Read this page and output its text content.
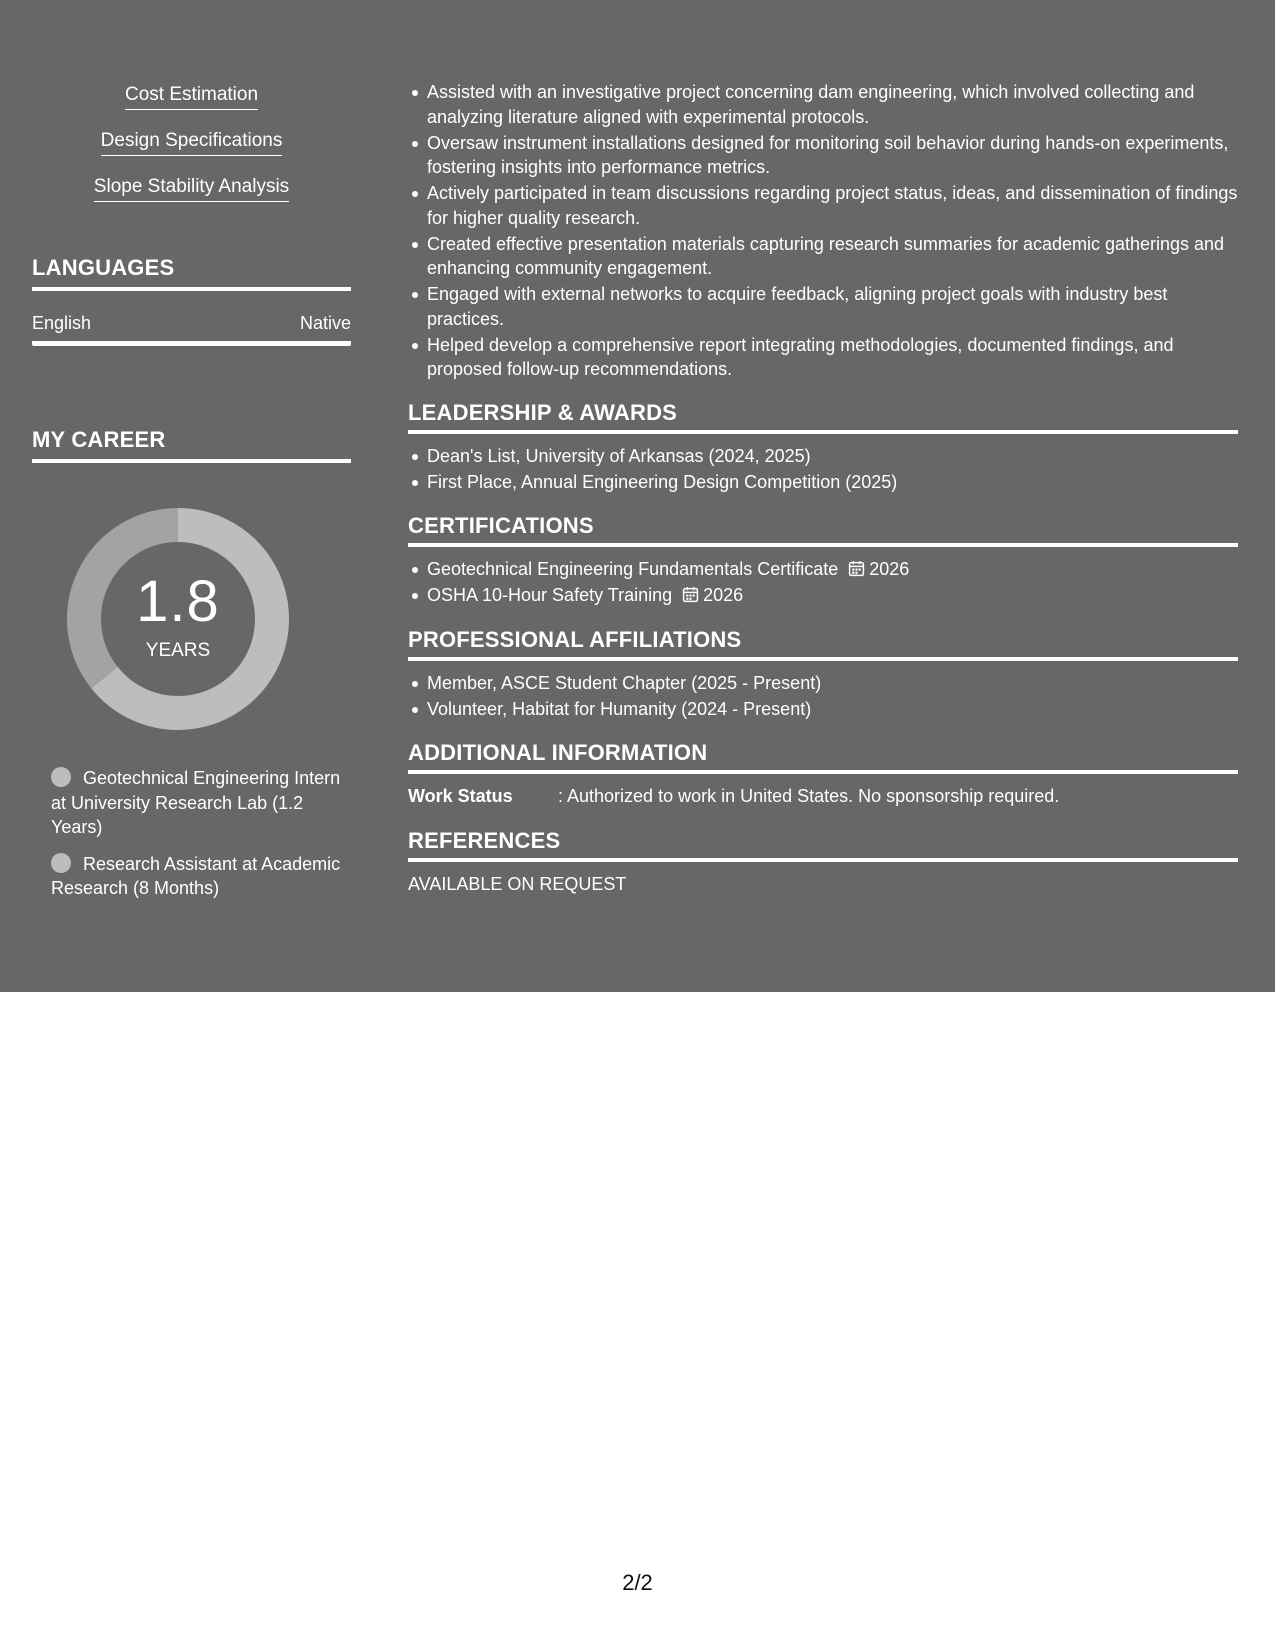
Cost Estimation
Design Specifications
Slope Stability Analysis
LANGUAGES
English	Native
MY CAREER
1.8
YEARS
Geotechnical Engineering Intern at University Research Lab (1.2 Years)
Research Assistant at Academic Research (8 Months)
Assisted with an investigative project concerning dam engineering, which involved collecting and analyzing literature aligned with experimental protocols.
Oversaw instrument installations designed for monitoring soil behavior during hands-on experiments, fostering insights into performance metrics.
Actively participated in team discussions regarding project status, ideas, and dissemination of findings for higher quality research.
Created effective presentation materials capturing research summaries for academic gatherings and enhancing community engagement.
Engaged with external networks to acquire feedback, aligning project goals with industry best practices.
Helped develop a comprehensive report integrating methodologies, documented findings, and proposed follow-up recommendations.
LEADERSHIP & AWARDS
Dean's List, University of Arkansas (2024, 2025)
First Place, Annual Engineering Design Competition (2025)
CERTIFICATIONS
Geotechnical Engineering Fundamentals Certificate 2026
OSHA 10-Hour Safety Training 2026
PROFESSIONAL AFFILIATIONS
Member, ASCE Student Chapter (2025 - Present)
Volunteer, Habitat for Humanity (2024 - Present)
ADDITIONAL INFORMATION
Work Status	: Authorized to work in United States. No sponsorship required.
REFERENCES
AVAILABLE ON REQUEST
2/2
